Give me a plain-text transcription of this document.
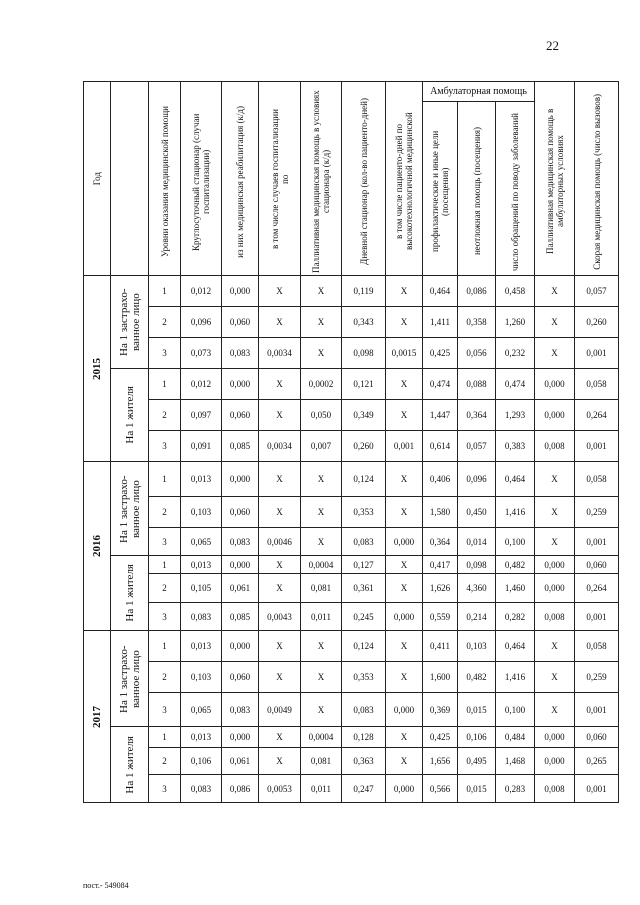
22
Год		Уровни оказания медицинской помощи	Круглосуточный стационар (случаи госпитализации)	из них медицинская реабилитация (к/д)	в том числе случаев госпитализации по	Паллиативная медицинская помощь в условиях стационара (к/д)	Дневной стационар (кол-во пациенто-дней)	в том числе пациенто-дней по высокотехнологичной медицинской	Амбулаторная помощь			Паллиативная медицинская помощь в амбулаторных условиях	Скорая медицинская помощь (число вызовов)

									профилактические и иные цели (посещения)	неотложная помощь (посещения)	число обращений по поводу заболеваний		

2015	На 1 застрахо-ванное лицо	1	0,012	0,000	Х	Х	0,119	Х	0,464	0,086	0,458	Х	0,057
		2	0,096	0,060	Х	Х	0,343	Х	1,411	0,358	1,260	Х	0,260
		3	0,073	0,083	0,0034	Х	0,098	0,0015	0,425	0,056	0,232	Х	0,001

	На 1 жителя	1	0,012	0,000	Х	0,0002	0,121	Х	0,474	0,088	0,474	0,000	0,058
		2	0,097	0,060	Х	0,050	0,349	Х	1,447	0,364	1,293	0,000	0,264
		3	0,091	0,085	0,0034	0,007	0,260	0,001	0,614	0,057	0,383	0,008	0,001

2016	На 1 застрахо-ванное лицо	1	0,013	0,000	Х	Х	0,124	Х	0,406	0,096	0,464	Х	0,058
		2	0,103	0,060	Х	Х	0,353	Х	1,580	0,450	1,416	Х	0,259
		3	0,065	0,083	0,0046	Х	0,083	0,000	0,364	0,014	0,100	Х	0,001

	На 1 жителя	1	0,013	0,000	Х	0,0004	0,127	Х	0,417	0,098	0,482	0,000	0,060
		2	0,105	0,061	Х	0,081	0,361	Х	1,626	4,360	1,460	0,000	0,264
		3	0,083	0,085	0,0043	0,011	0,245	0,000	0,559	0,214	0,282	0,008	0,001

2017	На 1 застрахо-ванное лицо	1	0,013	0,000	Х	Х	0,124	Х	0,411	0,103	0,464	Х	0,058
		2	0,103	0,060	Х	Х	0,353	Х	1,600	0,482	1,416	Х	0,259
		3	0,065	0,083	0,0049	Х	0,083	0,000	0,369	0,015	0,100	Х	0,001

	На 1 жителя	1	0,013	0,000	Х	0,0004	0,128	Х	0,425	0,106	0,484	0,000	0,060
		2	0,106	0,061	Х	0,081	0,363	Х	1,656	0,495	1,468	0,000	0,265
		3	0,083	0,086	0,0053	0,011	0,247	0,000	0,566	0,015	0,283	0,008	0,001
пост.- 549084
